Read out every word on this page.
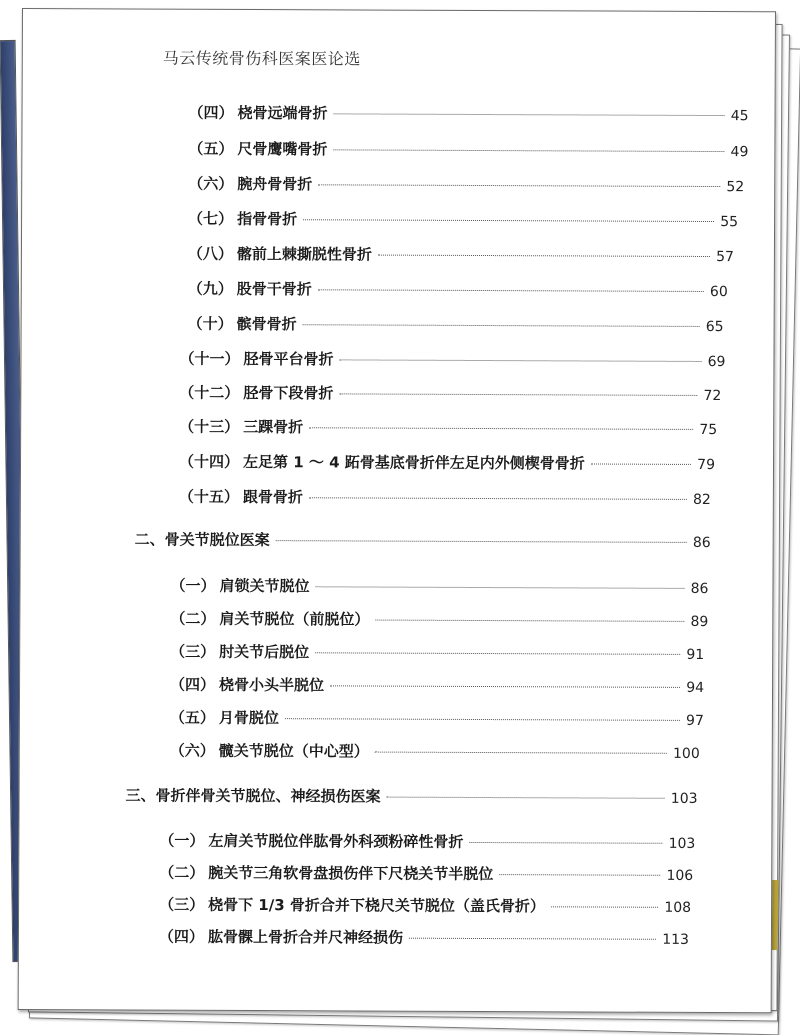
马云传统骨伤科医案医论选
（四） 桡骨远端骨折	45
（五） 尺骨鹰嘴骨折	49
（六） 腕舟骨骨折	52
（七） 指骨骨折	55
（八） 髂前上棘撕脱性骨折	57
（九） 股骨干骨折	60
（十） 髌骨骨折	65
（十一） 胫骨平台骨折	69
（十二） 胫骨下段骨折	72
（十三） 三踝骨折	75
（十四） 左足第 1 ～ 4 跖骨基底骨折伴左足内外侧楔骨骨折	79
（十五） 跟骨骨折	82
二、骨关节脱位医案	86
（一） 肩锁关节脱位	86
（二） 肩关节脱位（前脱位）	89
（三） 肘关节后脱位	91
（四） 桡骨小头半脱位	94
（五） 月骨脱位	97
（六） 髋关节脱位（中心型）	100
三、骨折伴骨关节脱位、神经损伤医案	103
（一） 左肩关节脱位伴肱骨外科颈粉碎性骨折	103
（二） 腕关节三角软骨盘损伤伴下尺桡关节半脱位	106
（三） 桡骨下 1/3 骨折合并下桡尺关节脱位（盖氏骨折）	108
（四） 肱骨髁上骨折合并尺神经损伤	113
